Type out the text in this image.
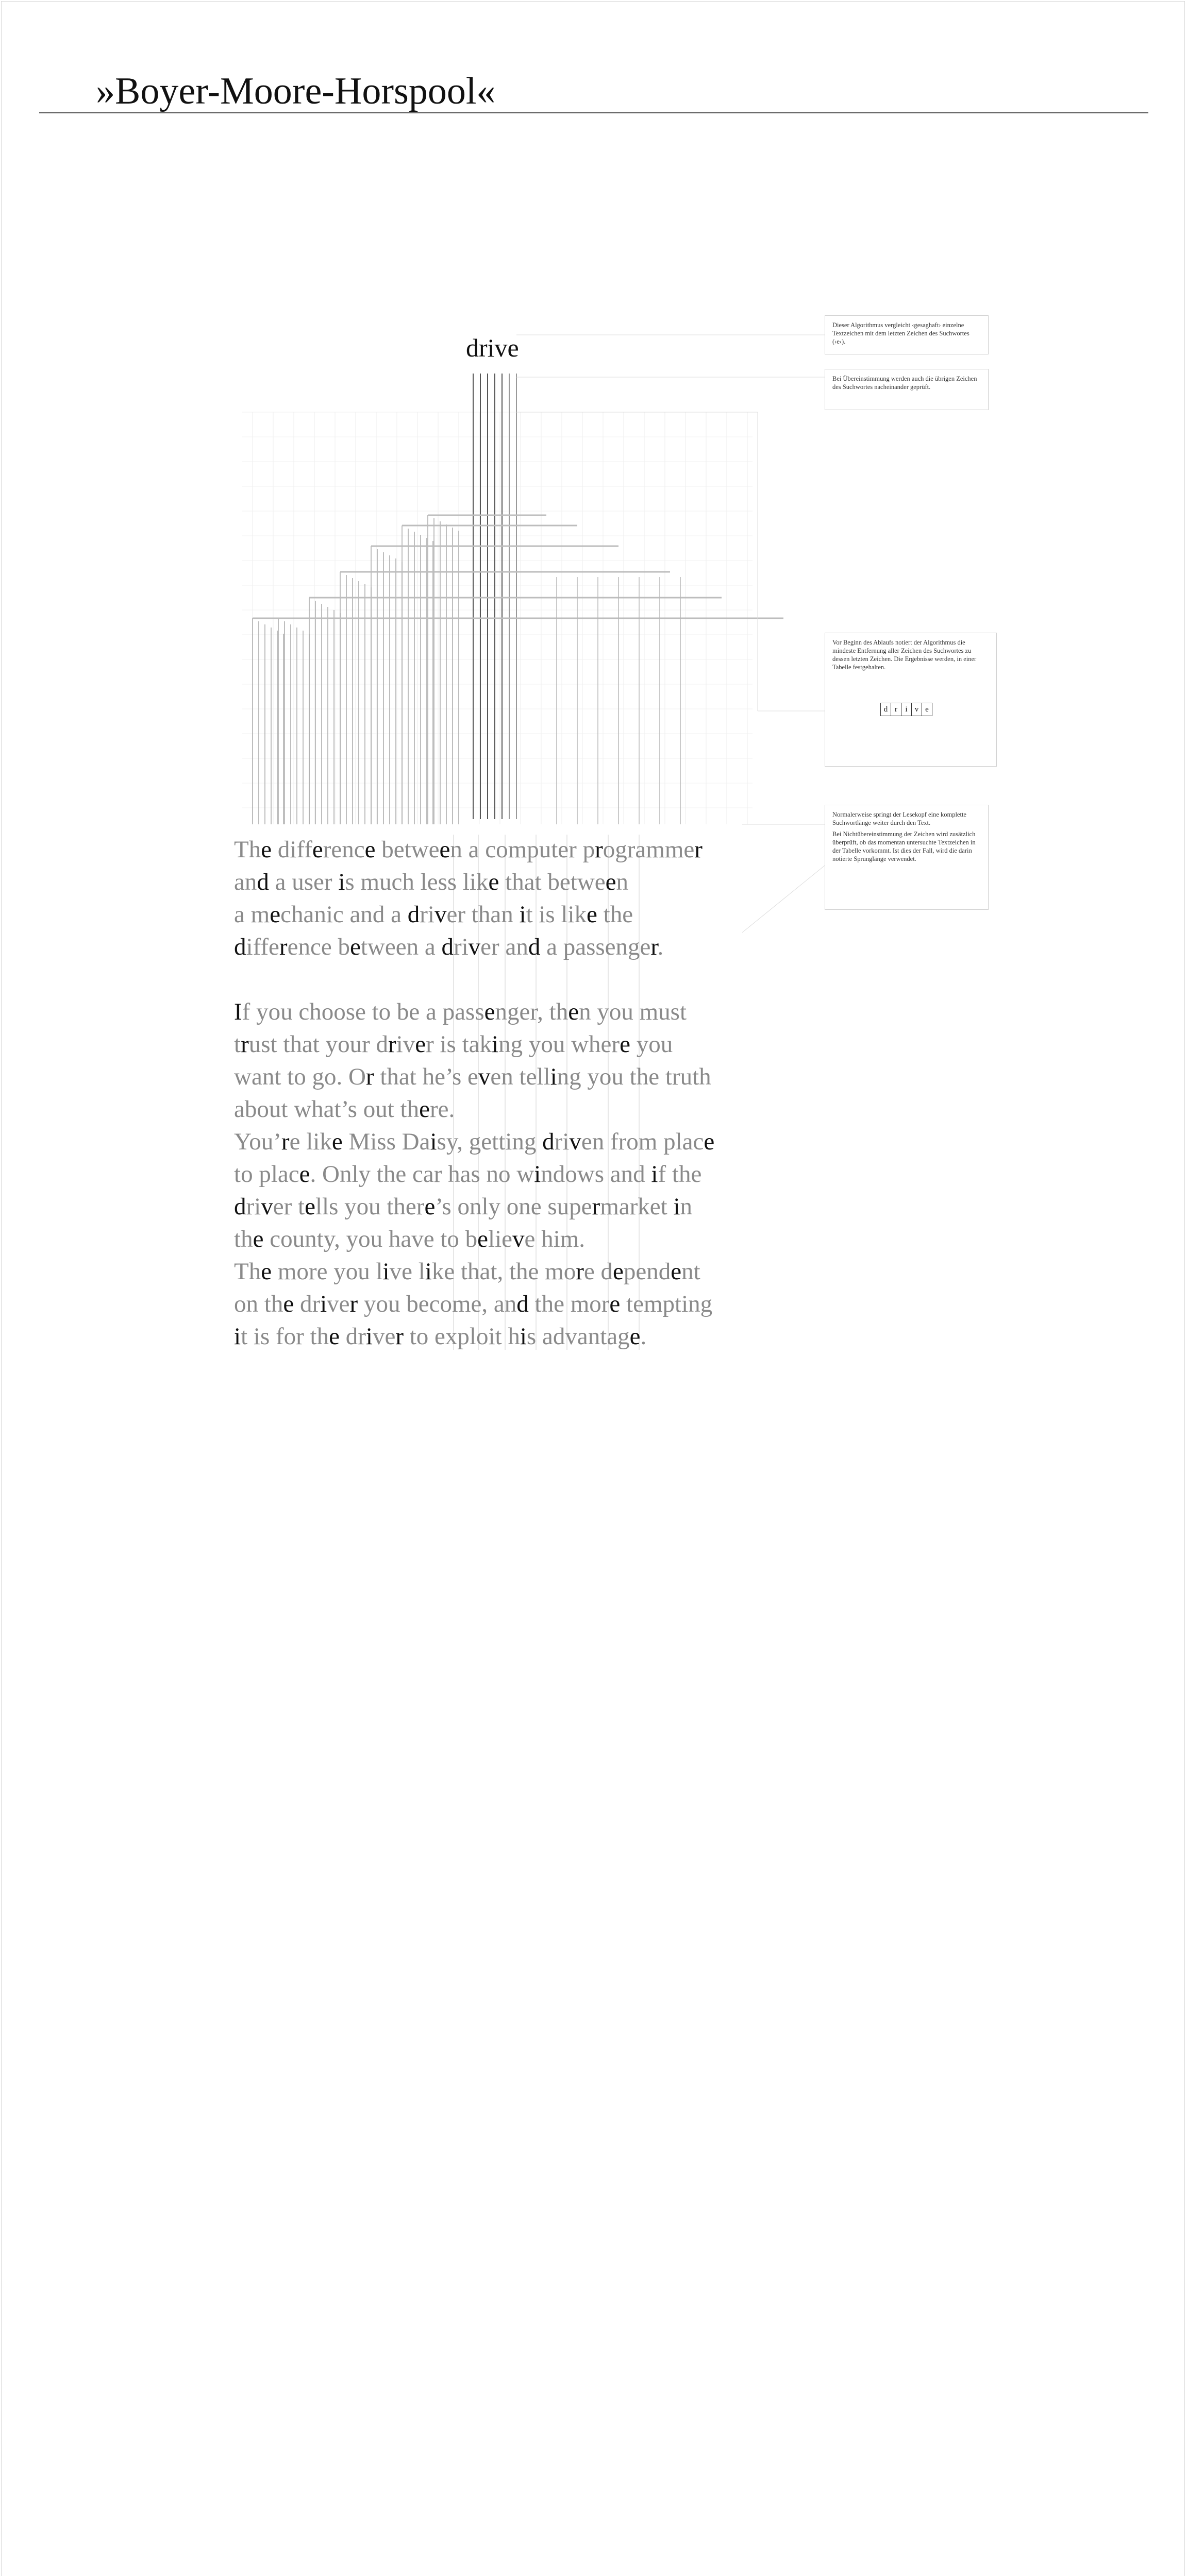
»Boyer-Moore-Horspool«
drive

Dieser Algorithmus vergleicht ‹gesaghaft› einzelne Textzeichen mit dem letzten Zeichen des Suchwortes (›e‹).

Bei Übereinstimmung werden auch die übrigen Zeichen des Suchwortes nacheinander geprüft.

Vor Beginn des Ablaufs notiert der Algorithmus die mindeste Entfernung aller Zeichen des Suchwortes zu dessen letzten Zeichen. Die Ergebnisse werden, in einer Tabelle festgehalten.

d r	i v e

Normalerweise springt der Lesekopf eine komplette Suchwortlänge weiter durch den Text.

Bei Nichtübereinstimmung der Zeichen wird zusätzlich überprüft, ob das momentan untersuchte Textzeichen in der Tabelle vorkommt. Ist dies der Fall, wird die darin notierte Sprunglänge verwendet.

The difference between a computer programmer
and a user is much less like that between
a mechanic and a driver than it is like the
difference between a driver and a passenger.
If you choose to be a passenger, then you must
trust that your driver is taking you where you
want to go. Or that he’s even telling you the truth
about what’s out there.
You’re like Miss Daisy, getting driven from place
to place. Only the car has no windows and if the
driver tells you there’s only one supermarket in
the county, you have to believe him.
The more you live like that, the more dependent
on the driver you become, and the more tempting
it is for the driver to exploit his advantage.
